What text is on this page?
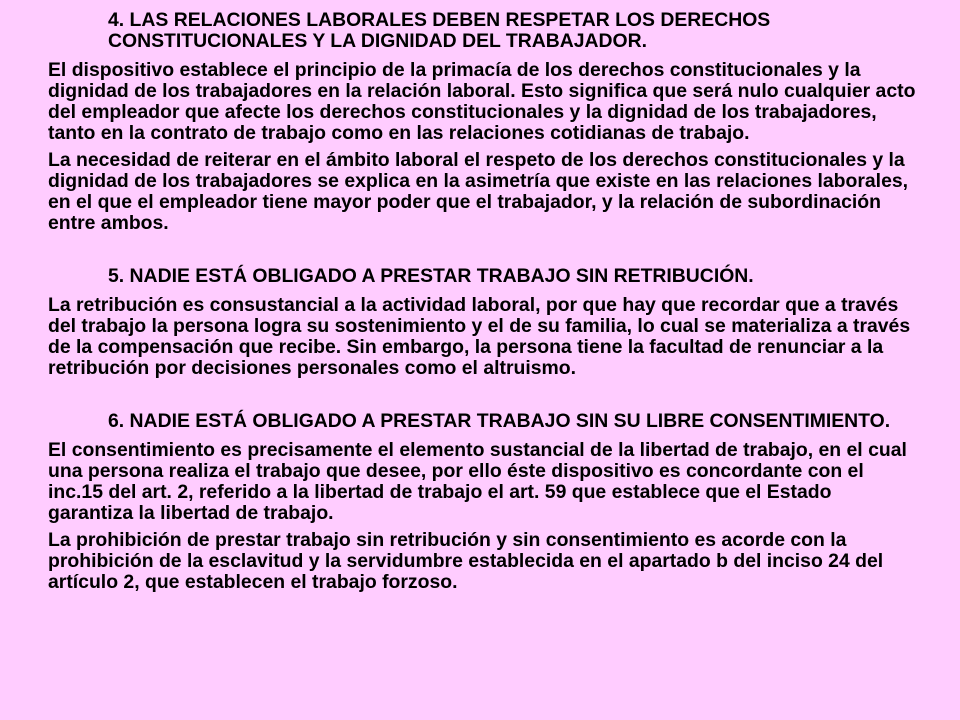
4. LAS RELACIONES LABORALES DEBEN RESPETAR LOS DERECHOS CONSTITUCIONALES Y LA DIGNIDAD DEL TRABAJADOR.
El dispositivo establece el principio de la primacía de los derechos constitucionales y la dignidad de los trabajadores en la relación laboral. Esto significa que será nulo cualquier acto del empleador que afecte los derechos constitucionales y la dignidad de los trabajadores, tanto en la contrato de trabajo como en las relaciones cotidianas de trabajo.
La necesidad de reiterar en el ámbito laboral el respeto de los derechos constitucionales y la dignidad de los trabajadores se explica en la asimetría que existe en las relaciones laborales, en el que el empleador tiene mayor poder que el trabajador, y la relación de subordinación entre ambos.
5. NADIE ESTÁ OBLIGADO A PRESTAR TRABAJO SIN RETRIBUCIÓN.
La retribución es consustancial a la actividad laboral, por que hay que recordar que a través del trabajo la persona logra su sostenimiento y el de su familia, lo cual se materializa a través de la compensación que recibe. Sin embargo, la persona tiene la facultad de renunciar a la retribución por decisiones personales como el altruismo.
6. NADIE ESTÁ OBLIGADO A PRESTAR TRABAJO SIN SU LIBRE CONSENTIMIENTO.
El consentimiento es precisamente el elemento sustancial de la libertad de trabajo, en el cual una persona realiza el trabajo que desee, por ello éste dispositivo es concordante con el inc.15 del art. 2, referido a la libertad de trabajo el art. 59 que establece que el Estado garantiza la libertad de trabajo.
La prohibición de prestar trabajo sin retribución y sin consentimiento es acorde con la prohibición de la esclavitud y la servidumbre establecida en el apartado b del inciso 24 del artículo 2, que establecen el trabajo forzoso.
